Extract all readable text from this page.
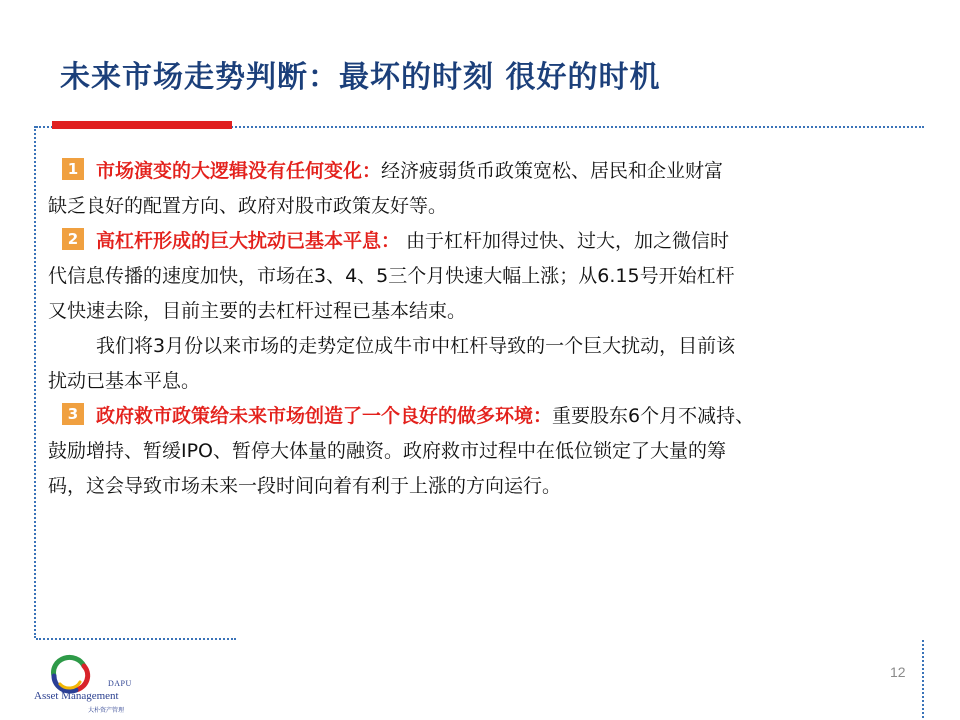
未来市场走势判断：最坏的时刻 很好的时机
1 市场演变的大逻辑没有任何变化：经济疲弱货币政策宽松、居民和企业财富
缺乏良好的配置方向、政府对股市政策友好等。
2 高杠杆形成的巨大扰动已基本平息： 由于杠杆加得过快、过大，加之微信时
代信息传播的速度加快，市场在3、4、5三个月快速大幅上涨；从6.15号开始杠杆
又快速去除，目前主要的去杠杆过程已基本结束。
我们将3月份以来市场的走势定位成牛市中杠杆导致的一个巨大扰动，目前该
扰动已基本平息。
3 政府救市政策给未来市场创造了一个良好的做多环境：重要股东6个月不减持、
鼓励增持、暂缓IPO、暂停大体量的融资。政府救市过程中在低位锁定了大量的筹
码，这会导致市场未来一段时间向着有利于上涨的方向运行。
DAPU
Asset Management
大朴资产管理
12
